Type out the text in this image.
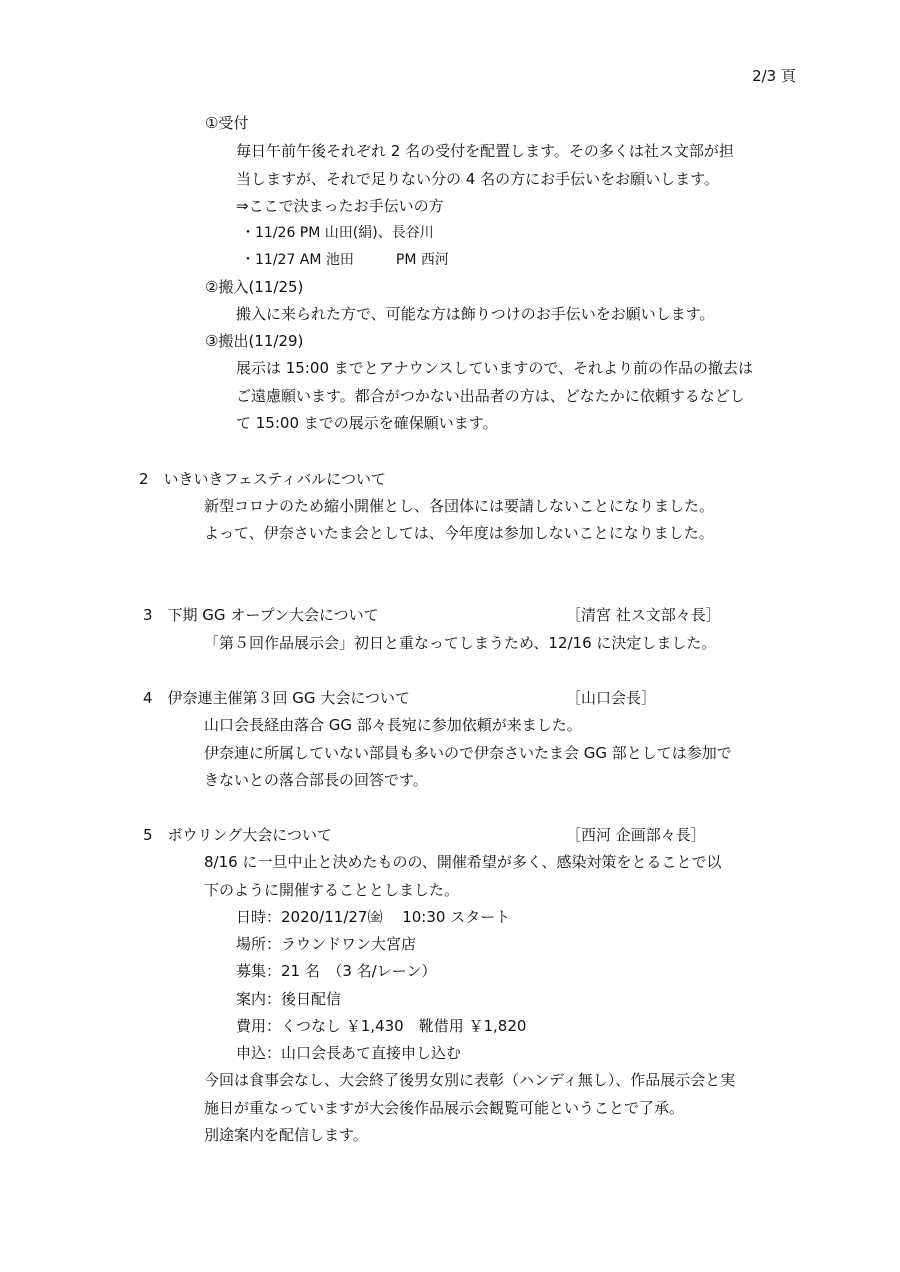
2/3 頁
①受付
毎日午前午後それぞれ 2 名の受付を配置します。その多くは社ス文部が担
当しますが、それで足りない分の 4 名の方にお手伝いをお願いします。
⇒ここで決まったお手伝いの方
・11/26 PM 山田(絹)、長谷川
・11/27 AM 池田　　　PM 西河
②搬入(11/25)
搬入に来られた方で、可能な方は飾りつけのお手伝いをお願いします。
③搬出(11/29)
展示は 15:00 までとアナウンスしていますので、それより前の作品の撤去は
ご遠慮願います。都合がつかない出品者の方は、どなたかに依頼するなどし
て 15:00 までの展示を確保願います。
2　いきいきフェスティバルについて
新型コロナのため縮小開催とし、各団体には要請しないことになりました。
よって、伊奈さいたま会としては、今年度は参加しないことになりました。
3　下期 GG オープン大会について	［清宮 社ス文部々長］
「第５回作品展示会」初日と重なってしまうため、12/16 に決定しました。
4　伊奈連主催第３回 GG 大会について	［山口会長］
山口会長経由落合 GG 部々長宛に参加依頼が来ました。
伊奈連に所属していない部員も多いので伊奈さいたま会 GG 部としては参加で
きないとの落合部長の回答です。
5　ボウリング大会について	［西河 企画部々長］
8/16 に一旦中止と決めたものの、開催希望が多く、感染対策をとることで以
下のように開催することとしました。
日時：2020/11/27㈮　 10:30 スタート
場所：ラウンドワン大宮店
募集：21 名　（3 名/レーン）
案内：後日配信
費用：くつなし ￥1,430　靴借用 ￥1,820
申込：山口会長あて直接申し込む
今回は食事会なし、大会終了後男女別に表彰（ハンディ無し）、作品展示会と実
施日が重なっていますが大会後作品展示会観覧可能ということで了承。
別途案内を配信します。
